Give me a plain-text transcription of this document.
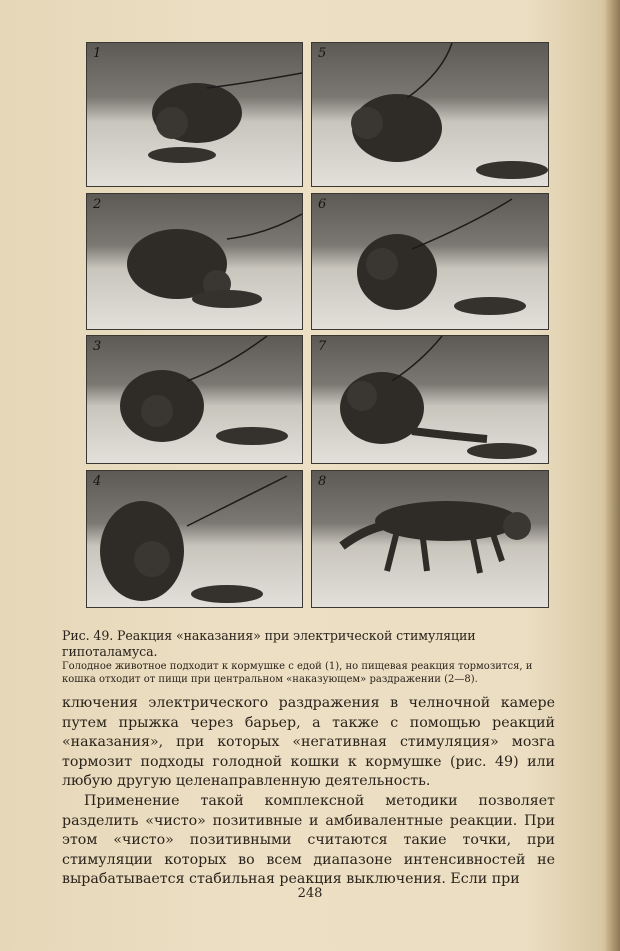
1	5
2	6
3	7
4	8
Рис. 49. Реакция «наказания» при электрической стимуляции гипоталамуса.
Голодное животное подходит к кормушке с едой (1), но пищевая реакция тормозится, и кошка отходит от пищи при центральном «наказующем» раздражении (2—8).

ключения электрического раздражения в челночной камере путем прыжка через барьер, а также с помощью реакций «наказания», при которых «негативная стимуляция» мозга тормозит подходы голодной кошки к кормушке (рис. 49) или любую другую целенаправленную деятельность.

Применение такой комплексной методики позволяет разделить «чисто» позитивные и амбивалентные реакции. При этом «чисто» позитивными считаются такие точки, при стимуляции которых во всем диапазоне интенсивностей не вырабатывается стабильная реакция выключения. Если при

248
